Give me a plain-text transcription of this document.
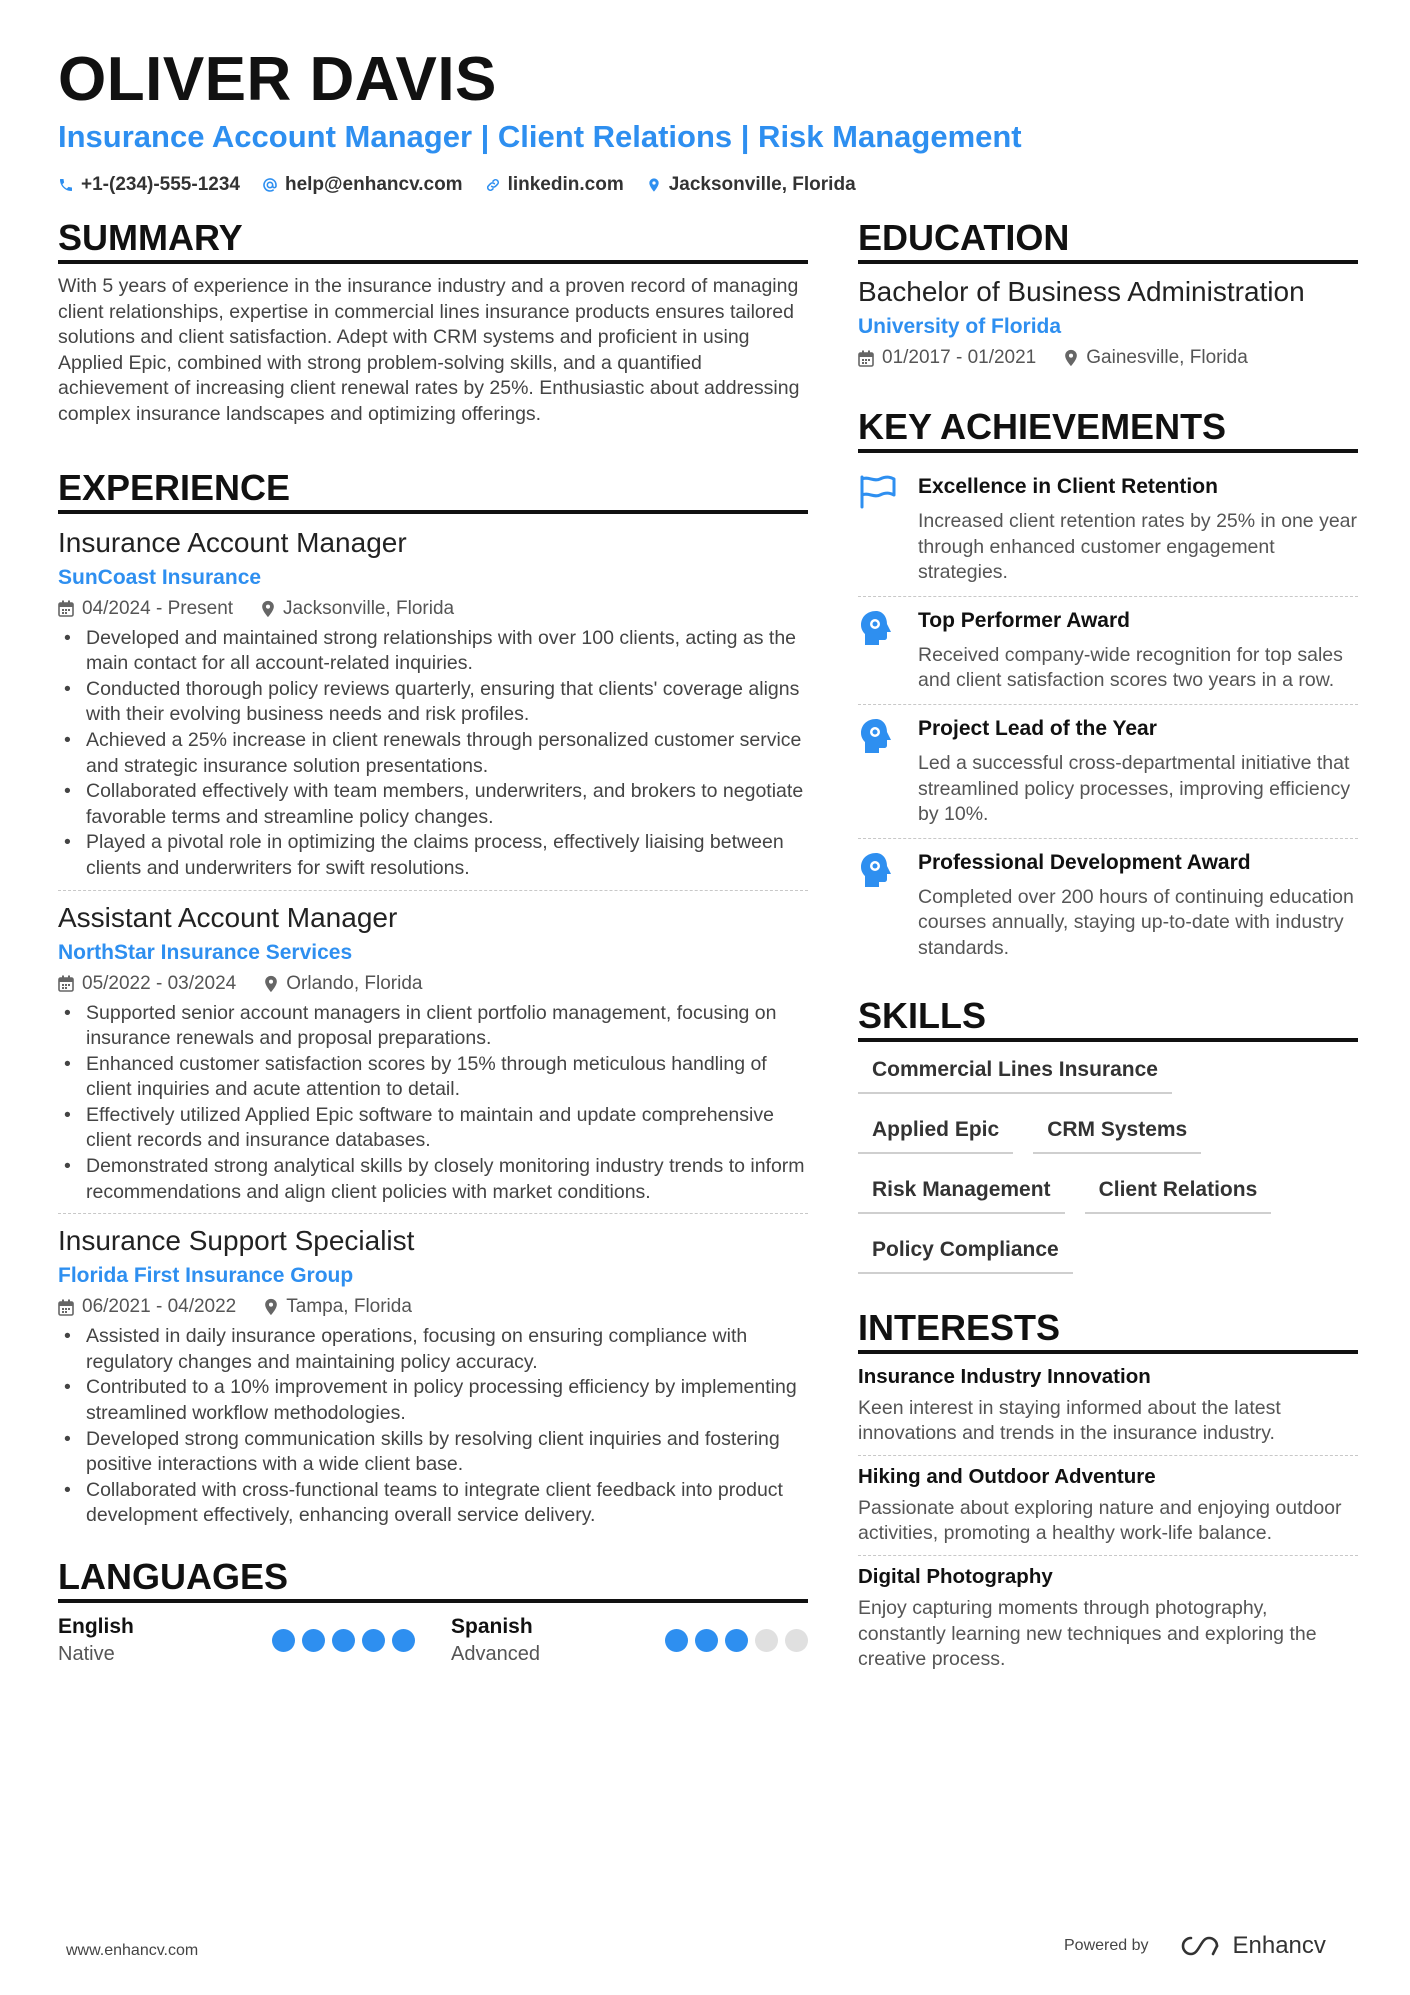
OLIVER DAVIS
Insurance Account Manager | Client Relations | Risk Management
+1-(234)-555-1234 help@enhancv.com linkedin.com Jacksonville, Florida
SUMMARY

With 5 years of experience in the insurance industry and a proven record of managing client relationships, expertise in commercial lines insurance products ensures tailored solutions and client satisfaction. Adept with CRM systems and proficient in using Applied Epic, combined with strong problem-solving skills, and a quantified achievement of increasing client renewal rates by 25%. Enthusiastic about addressing complex insurance landscapes and optimizing offerings.

EXPERIENCE
Insurance Account Manager
SunCoast Insurance
04/2024 - Present	Jacksonville, Florida
• Developed and maintained strong relationships with over 100 clients, acting as the main contact for all account-related inquiries.
• Conducted thorough policy reviews quarterly, ensuring that clients' coverage aligns with their evolving business needs and risk profiles.
• Achieved a 25% increase in client renewals through personalized customer service and strategic insurance solution presentations.
• Collaborated effectively with team members, underwriters, and brokers to negotiate favorable terms and streamline policy changes.
• Played a pivotal role in optimizing the claims process, effectively liaising between clients and underwriters for swift resolutions.
Assistant Account Manager
NorthStar Insurance Services
05/2022 - 03/2024	Orlando, Florida
• Supported senior account managers in client portfolio management, focusing on insurance renewals and proposal preparations.
• Enhanced customer satisfaction scores by 15% through meticulous handling of client inquiries and acute attention to detail.
• Effectively utilized Applied Epic software to maintain and update comprehensive client records and insurance databases.
• Demonstrated strong analytical skills by closely monitoring industry trends to inform recommendations and align client policies with market conditions.
Insurance Support Specialist
Florida First Insurance Group
06/2021 - 04/2022	Tampa, Florida
• Assisted in daily insurance operations, focusing on ensuring compliance with regulatory changes and maintaining policy accuracy.
• Contributed to a 10% improvement in policy processing efficiency by implementing streamlined workflow methodologies.
• Developed strong communication skills by resolving client inquiries and fostering positive interactions with a wide client base.
• Collaborated with cross-functional teams to integrate client feedback into product development effectively, enhancing overall service delivery.
LANGUAGES
English
Native
Spanish
Advanced
EDUCATION
Bachelor of Business Administration
University of Florida
01/2017 - 01/2021	Gainesville, Florida
KEY ACHIEVEMENTS
Excellence in Client Retention
Increased client retention rates by 25% in one year through enhanced customer engagement strategies.
Top Performer Award
Received company-wide recognition for top sales and client satisfaction scores two years in a row.
Project Lead of the Year
Led a successful cross-departmental initiative that streamlined policy processes, improving efficiency by 10%.
Professional Development Award
Completed over 200 hours of continuing education courses annually, staying up-to-date with industry standards.
SKILLS
Commercial Lines Insurance
Applied Epic	CRM Systems
Risk Management	Client Relations
Policy Compliance
INTERESTS
Insurance Industry Innovation
Keen interest in staying informed about the latest innovations and trends in the insurance industry.
Hiking and Outdoor Adventure
Passionate about exploring nature and enjoying outdoor activities, promoting a healthy work-life balance.
Digital Photography
Enjoy capturing moments through photography, constantly learning new techniques and exploring the creative process.
www.enhancv.com	Powered by	Enhancv
